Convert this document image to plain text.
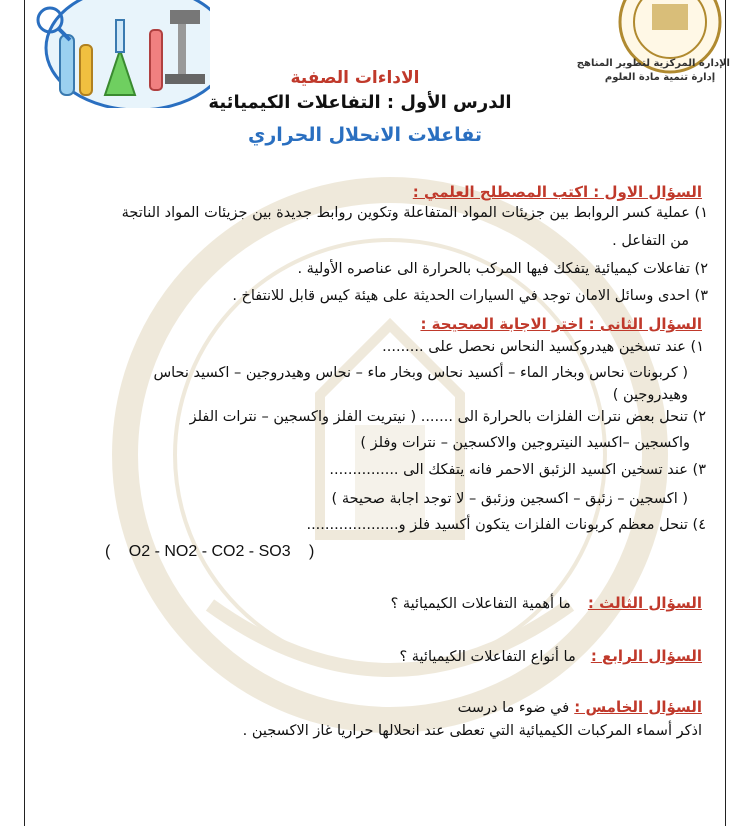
الإدارة المركزية لتطوير المناهج
إدارة تنمية مادة العلوم
الاداءات الصفية
الدرس الأول : التفاعلات الكيميائية
تفاعلات الانحلال الحراري
السؤال الاول : اكتب المصطلح العلمي :
١) عملية كسر الروابط بين جزيئات المواد المتفاعلة وتكوين روابط جديدة بين جزيئات المواد الناتجة
من التفاعل .
٢) تفاعلات كيميائية يتفكك فيها المركب بالحرارة الى عناصره الأولية .
٣) احدى وسائل الامان توجد في السيارات الحديثة على هيئة كيس قابل للانتفاخ .
السؤال الثانى : اختر الاجابة الصحيحة :
١) عند تسخين هيدروكسيد النحاس نحصل على .........
( كربونات نحاس وبخار الماء – أكسيد نحاس وبخار ماء – نحاس وهيدروجين – اكسيد نحاس
وهيدروجين )
٢) تنحل بعض نترات الفلزات بالحرارة الى ....... ( نيتريت الفلز واكسجين – نترات الفلز
واكسجين –اكسيد النيتروجين والاكسجين – نترات وفلز )
٣) عند تسخين اكسيد الزئبق الاحمر فانه يتفكك الى ...............
( اكسجين – زئبق – اكسجين وزئبق – لا توجد اجابة صحيحة )
٤) تنحل معظم كربونات الفلزات يتكون أكسيد فلز و....................
( O2 - NO2 - CO2 - SO3 )
السؤال الثالث : ما أهمية التفاعلات الكيميائية ؟
السؤال الرابع : ما أنواع التفاعلات الكيميائية ؟
السؤال الخامس : في ضوء ما درست
اذكر أسماء المركبات الكيميائية التي تعطى عند انحلالها حراريا غاز الاكسجين .
